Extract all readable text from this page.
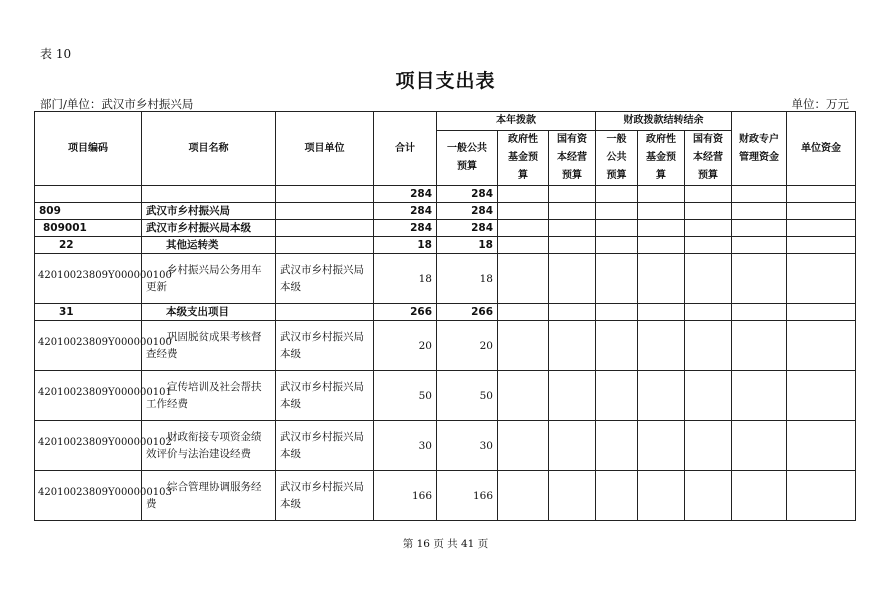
表 10
项目支出表
部门/单位：武汉市乡村振兴局	单位：万元
项目编码	项目名称	项目单位	合计	本年拨款			财政拨款结转结余			财政专户管理资金	单位资金

				一般公共预算	政府性基金预算	国有资本经营预算	一般公共预算	政府性基金预算	国有资本经营预算		

			284	284							
809	武汉市乡村振兴局		284	284							
809001	武汉市乡村振兴局本级		284	284							
22	其他运转类		18	18							

42010023809Y000000100	乡村振兴局公务用车更新	武汉市乡村振兴局本级	18	18							
31	本级支出项目		266	266							

42010023809Y000000100	巩固脱贫成果考核督查经费	武汉市乡村振兴局本级	20	20							

42010023809Y000000101	宣传培训及社会帮扶工作经费	武汉市乡村振兴局本级	50	50							

42010023809Y000000102	财政衔接专项资金绩效评价与法治建设经费	武汉市乡村振兴局本级	30	30							

42010023809Y000000103	综合管理协调服务经费	武汉市乡村振兴局本级	166	166							
第 16 页 共 41 页
